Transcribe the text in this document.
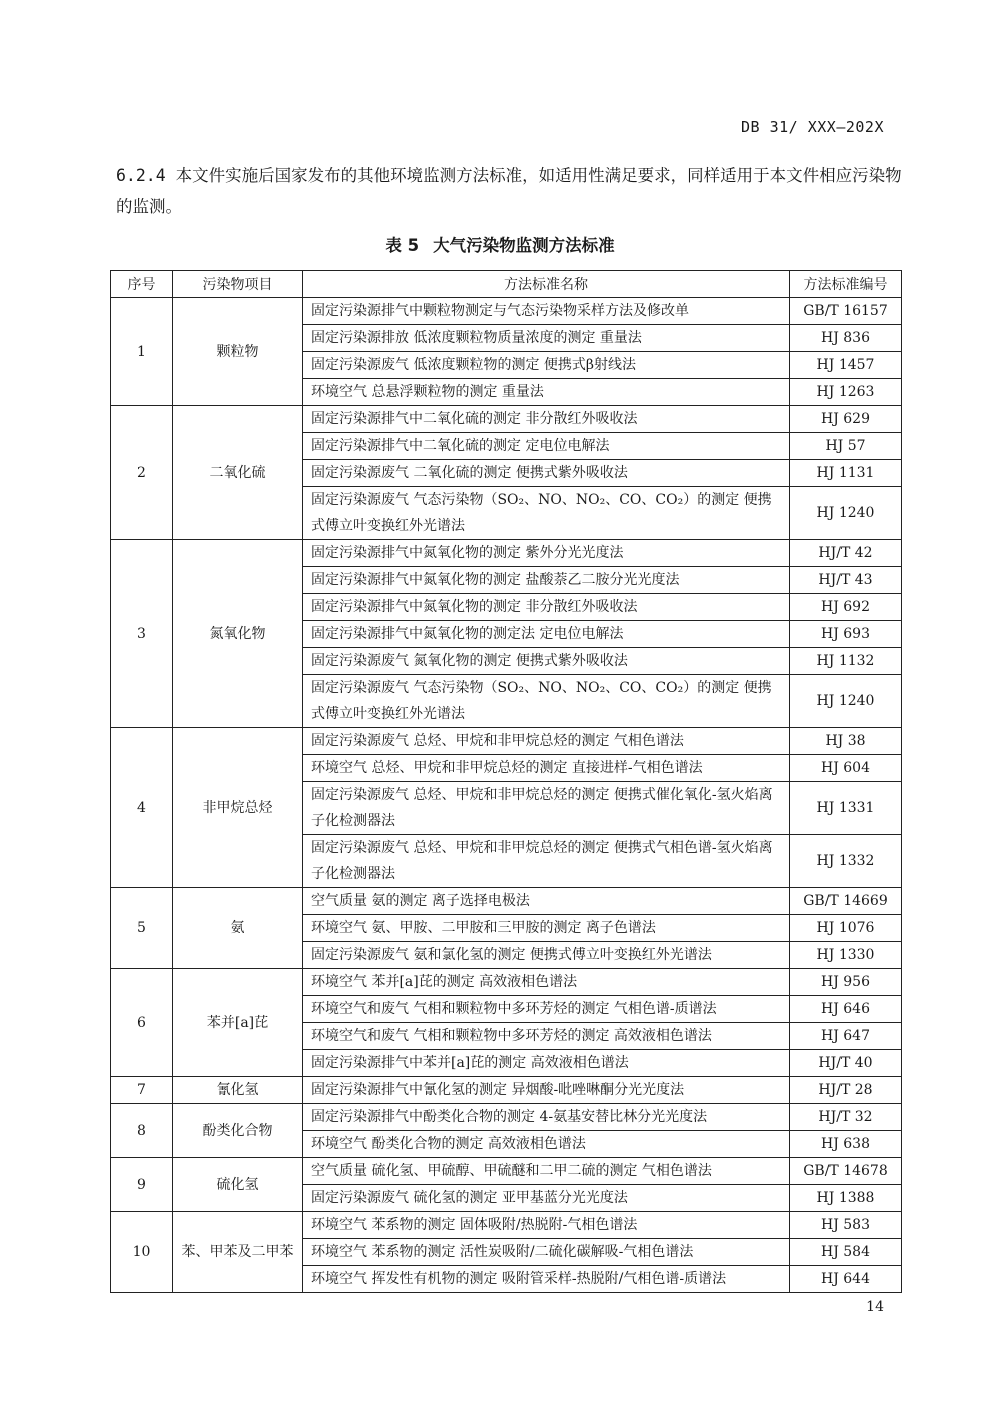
DB 31/ XXX—202X
6.2.4 本文件实施后国家发布的其他环境监测方法标准，如适用性满足要求，同样适用于本文件相应污染物的监测。
表 5 大气污染物监测方法标准
序号	污染物项目	方法标准名称	方法标准编号
1	颗粒物	固定污染源排气中颗粒物测定与气态污染物采样方法及修改单	GB/T 16157
		固定污染源排放 低浓度颗粒物质量浓度的测定 重量法	HJ 836
		固定污染源废气 低浓度颗粒物的测定 便携式β射线法	HJ 1457
		环境空气 总悬浮颗粒物的测定 重量法	HJ 1263
2	二氧化硫	固定污染源排气中二氧化硫的测定 非分散红外吸收法	HJ 629
		固定污染源排气中二氧化硫的测定 定电位电解法	HJ 57
		固定污染源废气 二氧化硫的测定 便携式紫外吸收法	HJ 1131
		固定污染源废气 气态污染物（SO₂、NO、NO₂、CO、CO₂）的测定 便携式傅立叶变换红外光谱法	HJ 1240
3	氮氧化物	固定污染源排气中氮氧化物的测定 紫外分光光度法	HJ/T 42
		固定污染源排气中氮氧化物的测定 盐酸萘乙二胺分光光度法	HJ/T 43
		固定污染源排气中氮氧化物的测定 非分散红外吸收法	HJ 692
		固定污染源排气中氮氧化物的测定法 定电位电解法	HJ 693
		固定污染源废气 氮氧化物的测定 便携式紫外吸收法	HJ 1132
		固定污染源废气 气态污染物（SO₂、NO、NO₂、CO、CO₂）的测定 便携式傅立叶变换红外光谱法	HJ 1240
4	非甲烷总烃	固定污染源废气 总烃、甲烷和非甲烷总烃的测定 气相色谱法	HJ 38
		环境空气 总烃、甲烷和非甲烷总烃的测定 直接进样-气相色谱法	HJ 604
		固定污染源废气 总烃、甲烷和非甲烷总烃的测定 便携式催化氧化-氢火焰离子化检测器法	HJ 1331
		固定污染源废气 总烃、甲烷和非甲烷总烃的测定 便携式气相色谱-氢火焰离子化检测器法	HJ 1332
5	氨	空气质量 氨的测定 离子选择电极法	GB/T 14669
		环境空气 氨、甲胺、二甲胺和三甲胺的测定 离子色谱法	HJ 1076
		固定污染源废气 氨和氯化氢的测定 便携式傅立叶变换红外光谱法	HJ 1330
6	苯并[a]芘	环境空气 苯并[a]芘的测定 高效液相色谱法	HJ 956
		环境空气和废气 气相和颗粒物中多环芳烃的测定 气相色谱-质谱法	HJ 646
		环境空气和废气 气相和颗粒物中多环芳烃的测定 高效液相色谱法	HJ 647
		固定污染源排气中苯并[a]芘的测定 高效液相色谱法	HJ/T 40
7	氰化氢	固定污染源排气中氰化氢的测定 异烟酸-吡唑啉酮分光光度法	HJ/T 28
8	酚类化合物	固定污染源排气中酚类化合物的测定 4-氨基安替比林分光光度法	HJ/T 32
		环境空气 酚类化合物的测定 高效液相色谱法	HJ 638
9	硫化氢	空气质量 硫化氢、甲硫醇、甲硫醚和二甲二硫的测定 气相色谱法	GB/T 14678
		固定污染源废气 硫化氢的测定 亚甲基蓝分光光度法	HJ 1388
10	苯、甲苯及二甲苯	环境空气 苯系物的测定 固体吸附/热脱附-气相色谱法	HJ 583
		环境空气 苯系物的测定 活性炭吸附/二硫化碳解吸-气相色谱法	HJ 584
		环境空气 挥发性有机物的测定 吸附管采样-热脱附/气相色谱-质谱法	HJ 644
14
